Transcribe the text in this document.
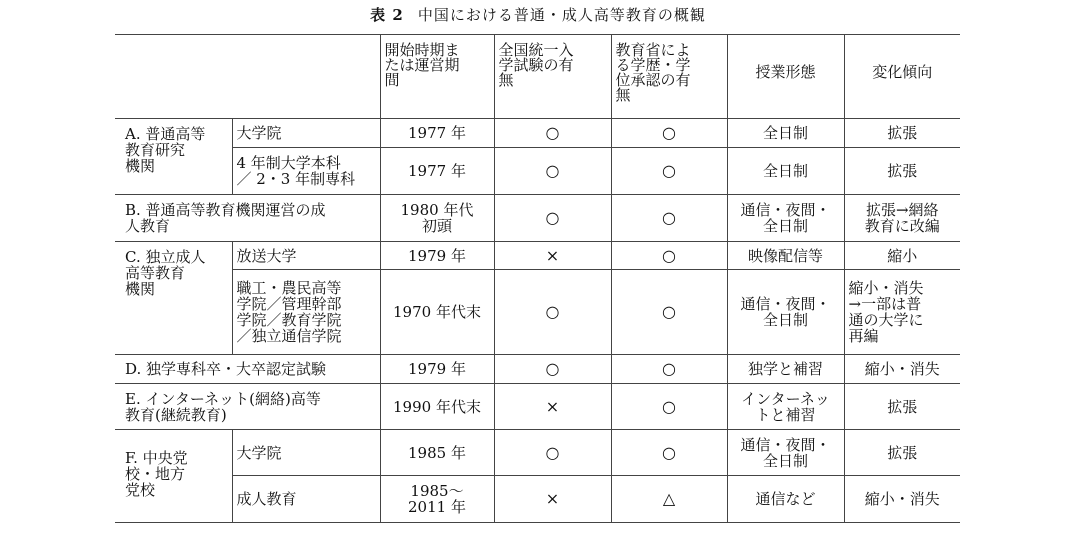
表 2 中国における普通・成人高等教育の概観
		開始時期ま
たは運営期
間	全国統一入
学試験の有
無	教育省によ
る学歴・学
位承認の有
無	授業形態	変化傾向
A. 普通高等
教育研究
機関	大学院	1977 年	○	○	全日制	拡張
	4 年制大学本科
／ 2・3 年制専科	1977 年	○	○	全日制	拡張
B. 普通高等教育機関運営の成
人教育		1980 年代
初頭	○	○	通信・夜間・
全日制	拡張→網絡
教育に改編
C. 独立成人
高等教育
機関	放送大学	1979 年	×	○	映像配信等	縮小
	職工・農民高等
学院／管理幹部
学院／教育学院
／独立通信学院	1970 年代末	○	○	通信・夜間・
全日制	縮小・消失
→一部は普
通の大学に
再編
D. 独学専科卒・大卒認定試験		1979 年	○	○	独学と補習	縮小・消失
E. インターネット(網絡)高等
教育(継続教育)		1990 年代末	×	○	インターネッ
トと補習	拡張
F. 中央党
校・地方
党校	大学院	1985 年	○	○	通信・夜間・
全日制	拡張
	成人教育	1985～
2011 年	×	△	通信など	縮小・消失
